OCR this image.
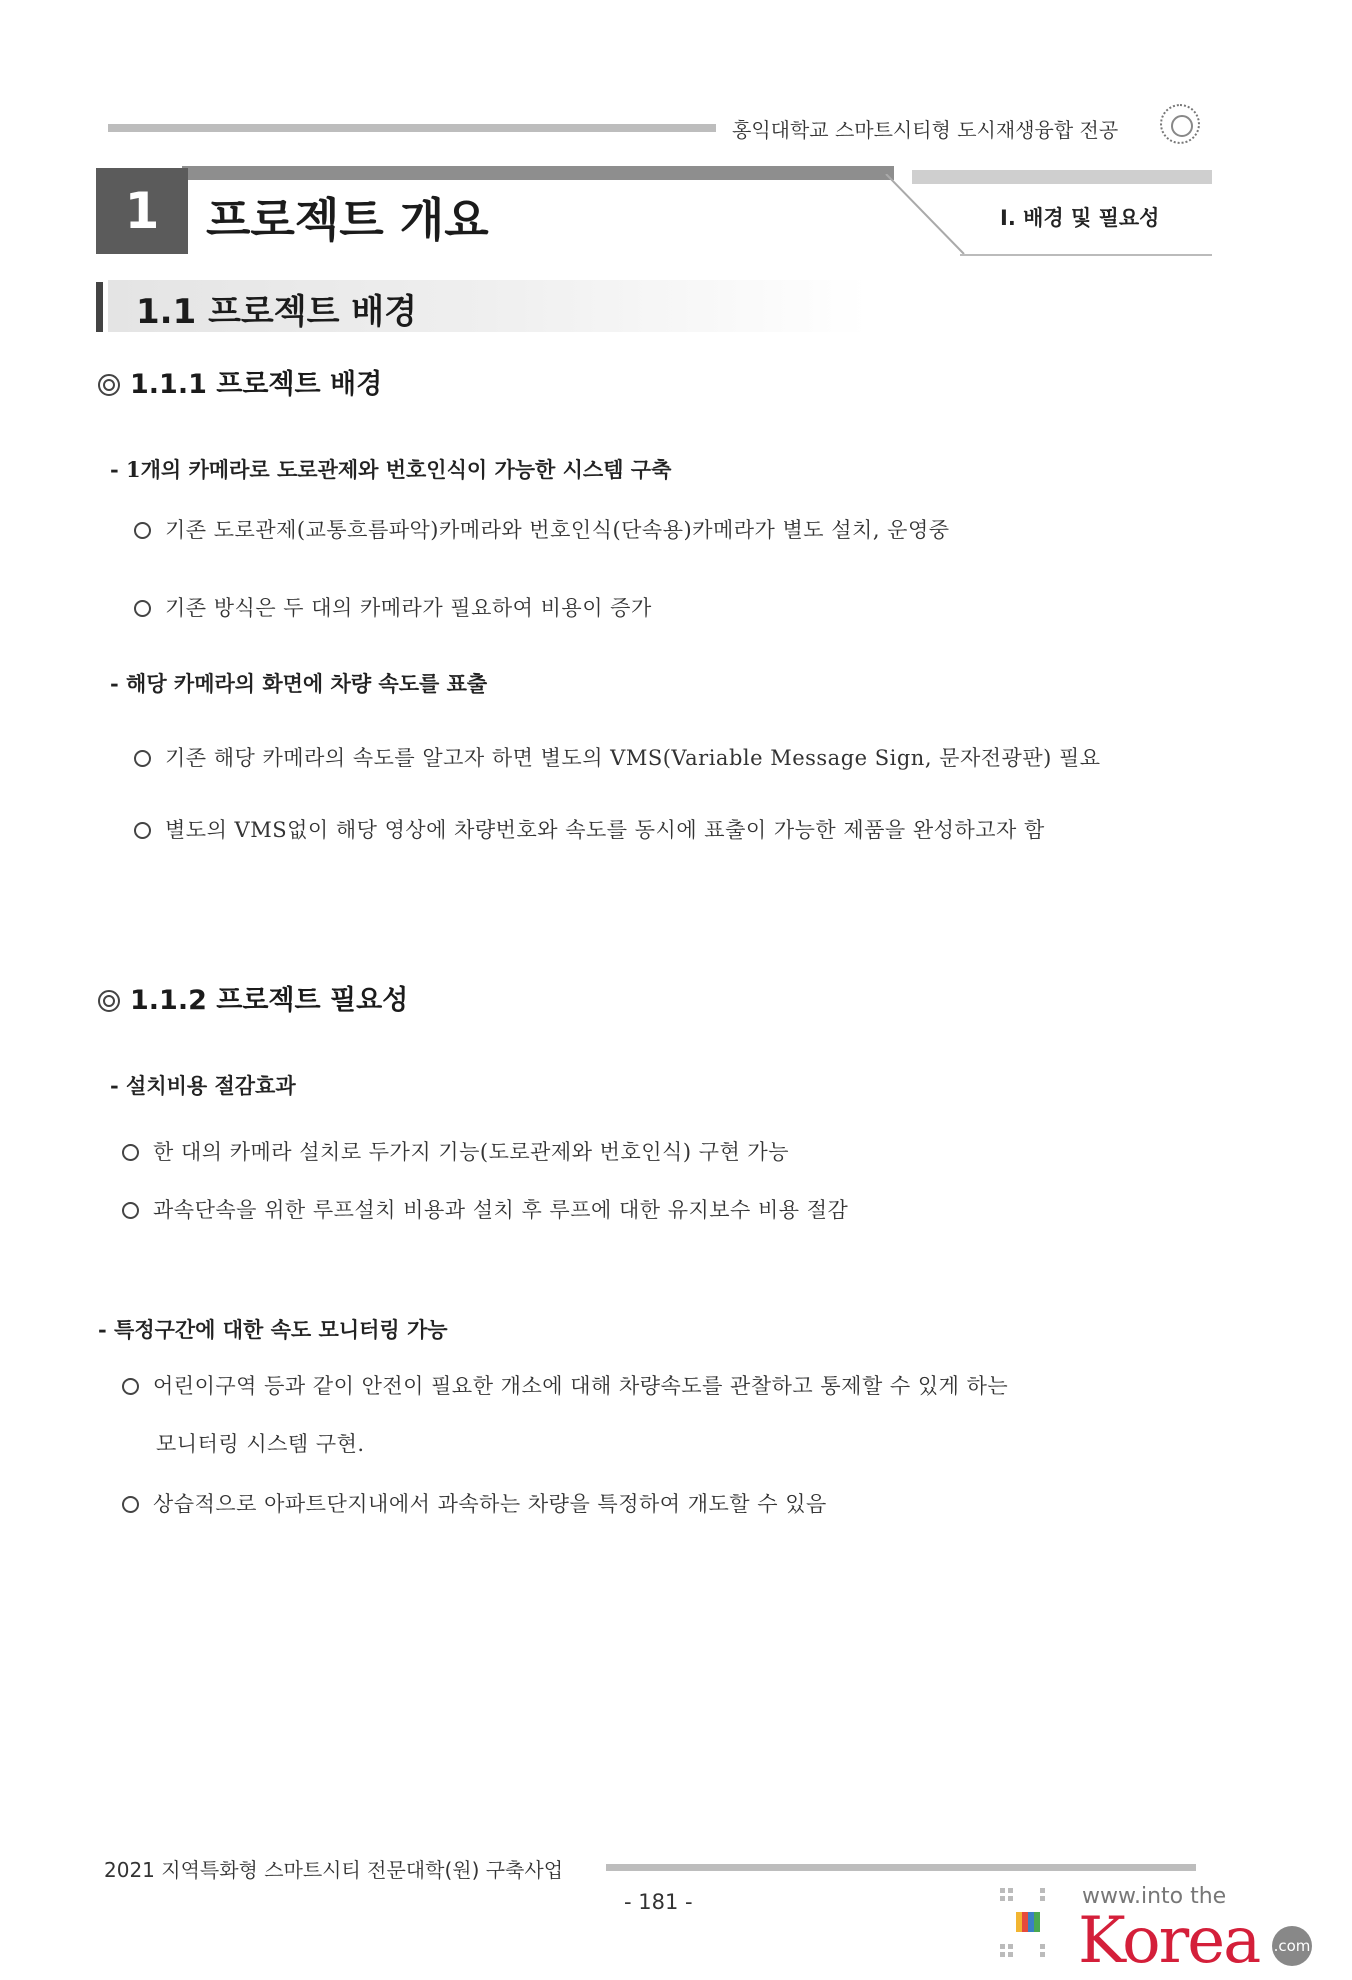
홍익대학교 스마트시티형 도시재생융합 전공
1	프로젝트 개요	Ⅰ. 배경 및 필요성
1.1 프로젝트 배경
1.1.1 프로젝트 배경
- 1개의 카메라로 도로관제와 번호인식이 가능한 시스템 구축
기존 도로관제(교통흐름파악)카메라와 번호인식(단속용)카메라가 별도 설치, 운영중
기존 방식은 두 대의 카메라가 필요하여 비용이 증가
- 해당 카메라의 화면에 차량 속도를 표출
기존 해당 카메라의 속도를 알고자 하면 별도의 VMS(Variable Message Sign, 문자전광판) 필요
별도의 VMS없이 해당 영상에 차량번호와 속도를 동시에 표출이 가능한 제품을 완성하고자 함
1.1.2 프로젝트 필요성
- 설치비용 절감효과
한 대의 카메라 설치로 두가지 기능(도로관제와 번호인식) 구현 가능
과속단속을 위한 루프설치 비용과 설치 후 루프에 대한 유지보수 비용 절감
- 특정구간에 대한 속도 모니터링 가능
어린이구역 등과 같이 안전이 필요한 개소에 대해 차량속도를 관찰하고 통제할 수 있게 하는
모니터링 시스템 구현.
상습적으로 아파트단지내에서 과속하는 차량을 특정하여 개도할 수 있음
2021 지역특화형 스마트시티 전문대학(원) 구축사업
- 181 -	www.into the
Korea .com
